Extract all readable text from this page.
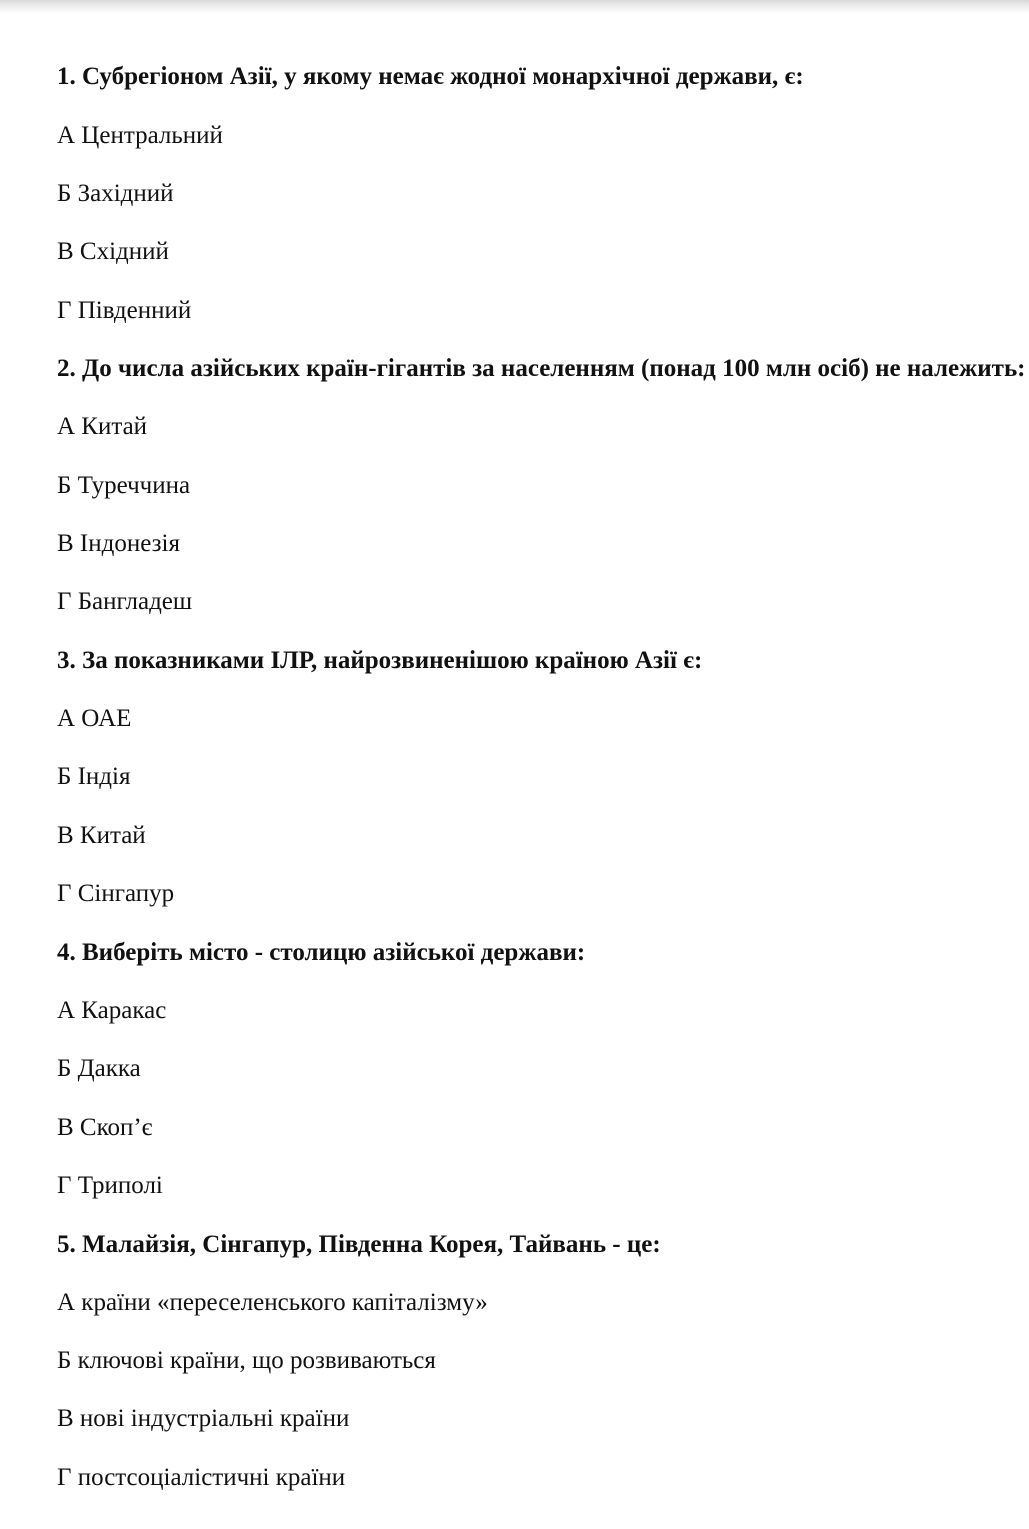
1. Субрегіоном Азії, у якому немає жодної монархічної держави, є:
А Центральний
Б Західний
В Східний
Г Південний
2. До числа азійських країн-гігантів за населенням (понад 100 млн осіб) не належить:
А Китай
Б Туреччина
В Індонезія
Г Бангладеш
3. За показниками ІЛР, найрозвиненішою країною Азії є:
А ОАЕ
Б Індія
В Китай
Г Сінгапур
4. Виберіть місто - столицю азійської держави:
А Каракас
Б Дакка
В Скоп’є
Г Триполі
5. Малайзія, Сінгапур, Південна Корея, Тайвань - це:
А країни «переселенського капіталізму»
Б ключові країни, що розвиваються
В нові індустріальні країни
Г постсоціалістичні країни
